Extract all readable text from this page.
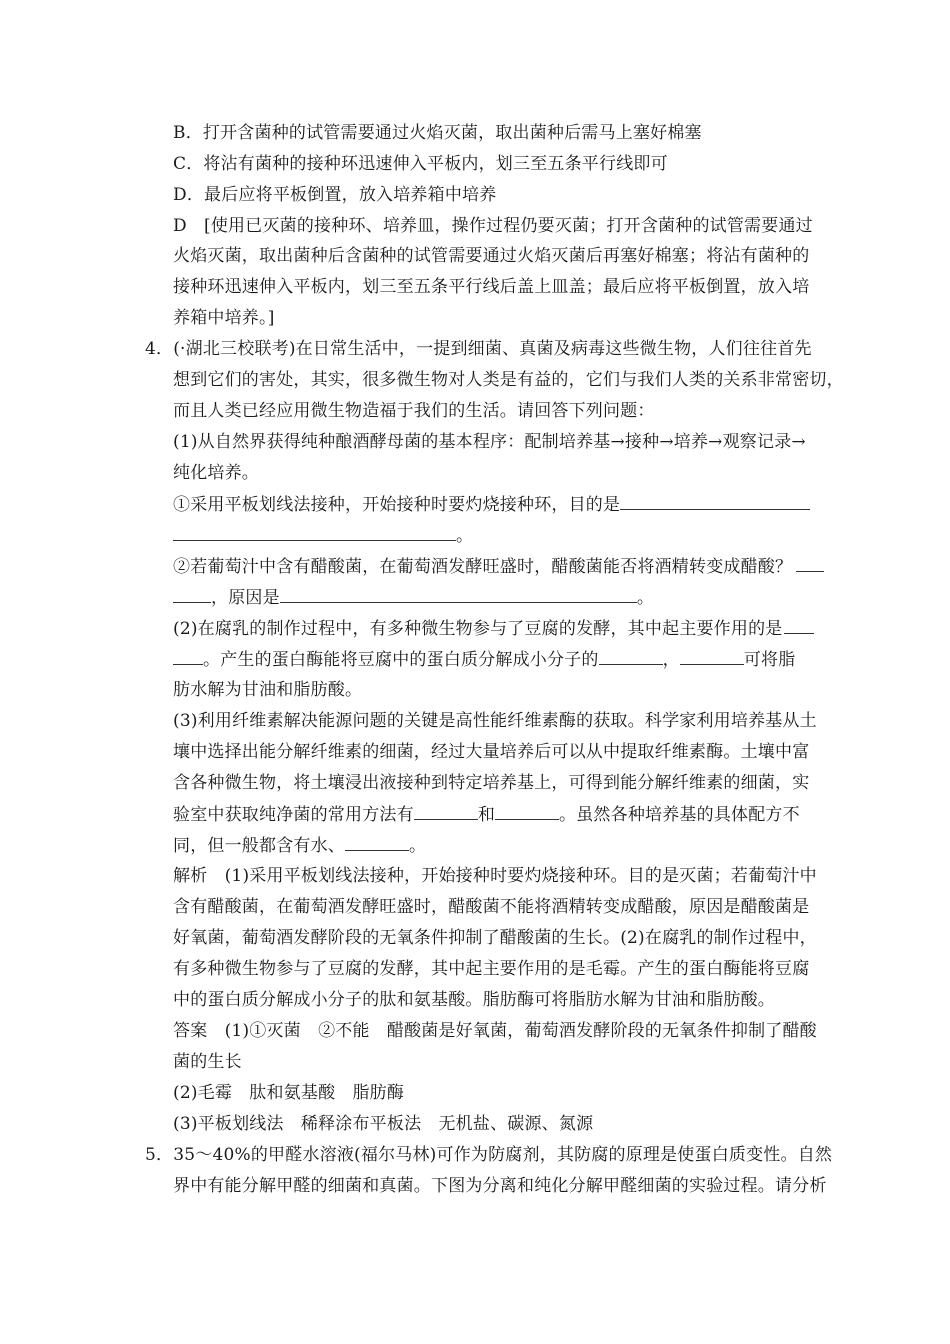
B．打开含菌种的试管需要通过火焰灭菌，取出菌种后需马上塞好棉塞
C．将沾有菌种的接种环迅速伸入平板内，划三至五条平行线即可
D．最后应将平板倒置，放入培养箱中培养
D　[使用已灭菌的接种环、培养皿，操作过程仍要灭菌；打开含菌种的试管需要通过
火焰灭菌，取出菌种后含菌种的试管需要通过火焰灭菌后再塞好棉塞；将沾有菌种的
接种环迅速伸入平板内，划三至五条平行线后盖上皿盖；最后应将平板倒置，放入培
养箱中培养。]
4．(·湖北三校联考)在日常生活中，一提到细菌、真菌及病毒这些微生物，人们往往首先
想到它们的害处，其实，很多微生物对人类是有益的，它们与我们人类的关系非常密切，
而且人类已经应用微生物造福于我们的生活。请回答下列问题：
(1)从自然界获得纯种酿酒酵母菌的基本程序：配制培养基→接种→培养→观察记录→
纯化培养。
①采用平板划线法接种，开始接种时要灼烧接种环，目的是
。
②若葡萄汁中含有醋酸菌，在葡萄酒发酵旺盛时，醋酸菌能否将酒精转变成醋酸？
，原因是	。
(2)在腐乳的制作过程中，有多种微生物参与了豆腐的发酵，其中起主要作用的是
。产生的蛋白酶能将豆腐中的蛋白质分解成小分子的	，	可将脂
肪水解为甘油和脂肪酸。
(3)利用纤维素解决能源问题的关键是高性能纤维素酶的获取。科学家利用培养基从土
壤中选择出能分解纤维素的细菌，经过大量培养后可以从中提取纤维素酶。土壤中富
含各种微生物，将土壤浸出液接种到特定培养基上，可得到能分解纤维素的细菌，实
验室中获取纯净菌的常用方法有	和	。虽然各种培养基的具体配方不
同，但一般都含有水、	。
解析　(1)采用平板划线法接种，开始接种时要灼烧接种环。目的是灭菌；若葡萄汁中
含有醋酸菌，在葡萄酒发酵旺盛时，醋酸菌不能将酒精转变成醋酸，原因是醋酸菌是
好氧菌，葡萄酒发酵阶段的无氧条件抑制了醋酸菌的生长。(2)在腐乳的制作过程中，
有多种微生物参与了豆腐的发酵，其中起主要作用的是毛霉。产生的蛋白酶能将豆腐
中的蛋白质分解成小分子的肽和氨基酸。脂肪酶可将脂肪水解为甘油和脂肪酸。
答案　(1)①灭菌　②不能　醋酸菌是好氧菌，葡萄酒发酵阶段的无氧条件抑制了醋酸
菌的生长
(2)毛霉　肽和氨基酸　脂肪酶
(3)平板划线法　稀释涂布平板法　无机盐、碳源、氮源
5．35～40%的甲醛水溶液(福尔马林)可作为防腐剂，其防腐的原理是使蛋白质变性。自然
界中有能分解甲醛的细菌和真菌。下图为分离和纯化分解甲醛细菌的实验过程。请分析
